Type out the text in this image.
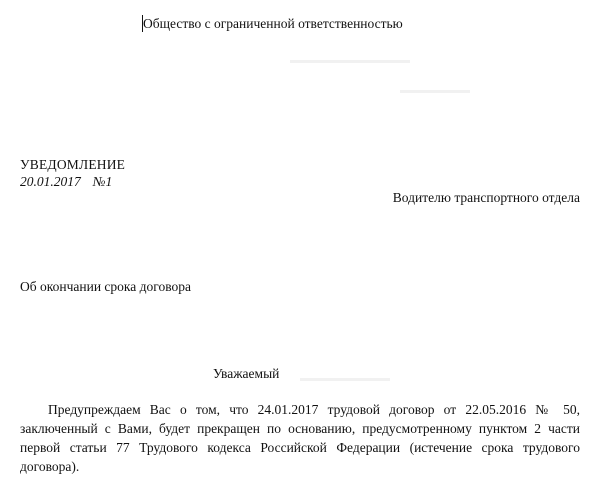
Общество с ограниченной ответственностью
УВЕДОМЛЕНИЕ
20.01.2017 №1
Водителю транспортного отдела
Об окончании срока договора
Уважаемый
Предупреждаем Вас о том, что 24.01.2017 трудовой договор от 22.05.2016 № 50, заключенный с Вами, будет прекращен по основанию, предусмотренному пунктом 2 части первой статьи 77 Трудового кодекса Российской Федерации (истечение срока трудового договора).
